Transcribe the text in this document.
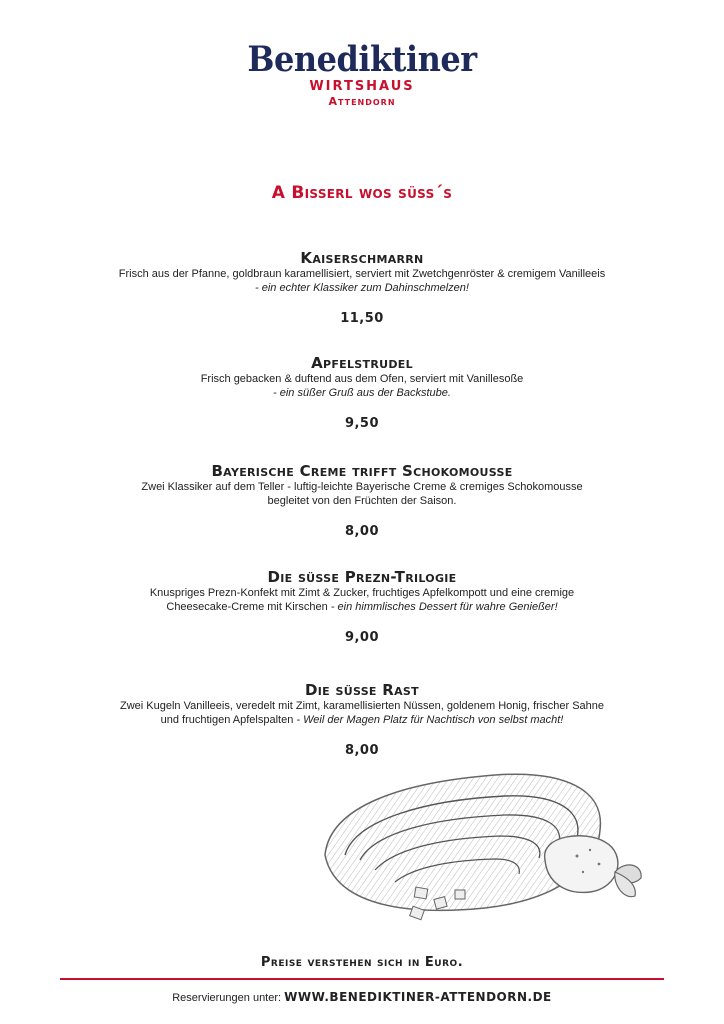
Benediktiner
WIRTSHAUS
Attendorn
A Bisserl wos süss´s
Kaiserschmarrn
Frisch aus der Pfanne, goldbraun karamellisiert, serviert mit Zwetchgenröster & cremigem Vanilleeis
- ein echter Klassiker zum Dahinschmelzen!
11,50
Apfelstrudel
Frisch gebacken & duftend aus dem Ofen, serviert mit Vanillesoße
- ein süßer Gruß aus der Backstube.
9,50
Bayerische Creme trifft Schokomousse
Zwei Klassiker auf dem Teller - luftig-leichte Bayerische Creme & cremiges Schokomousse
begleitet von den Früchten der Saison.
8,00
Die süsse Prezn-Trilogie
Knuspriges Prezn-Konfekt mit Zimt & Zucker, fruchtiges Apfelkompott und eine cremige
Cheesecake-Creme mit Kirschen - ein himmlisches Dessert für wahre Genießer!
9,00
Die süsse Rast
Zwei Kugeln Vanilleeis, veredelt mit Zimt, karamellisierten Nüssen, goldenem Honig, frischer Sahne
und fruchtigen Apfelspalten - Weil der Magen Platz für Nachtisch von selbst macht!
8,00
Preise verstehen sich in Euro.
Reservierungen unter: WWW.BENEDIKTINER-ATTENDORN.DE
